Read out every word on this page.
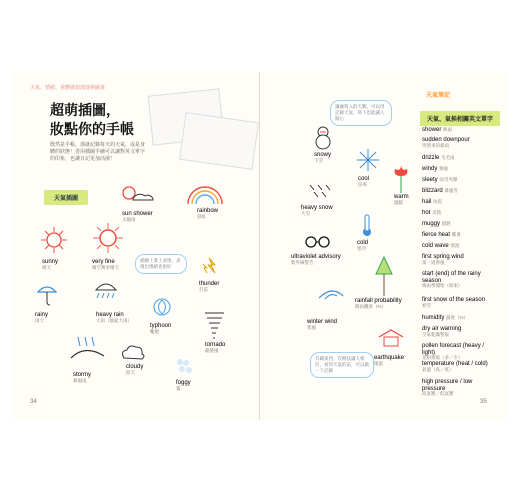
天氣、情緒、重體就似部落格圖畫
超萌插圖，
妝點你的手帳
既然是手帳，那就記錄每天的天氣，或是身體的狀態！善用插圖手繪可以讓對英文單字的印象，也讓日記更加活潑！
天氣插圖
sun shower
太陽雨
rainbow
彩虹
sunny
晴天
very fine
晴空萬里晴天
插圖上畫上表情，表現出情緒也很好
thunder
打雷
rainy
雨天
heavy rain
大雨（傾盆大雨）
typhoon
颱風
tornado
龍捲風
stormy
暴風雨
cloudy
陰天
foggy
霧
34
讓處寫入的天數，可以用記錄天氣，寫下也能讓人開心
天氣筆記
天氣、氣候相關英文單字
snowy
下雪
cool
涼爽
warm
溫暖
heavy snow
大雪
cold
寒冷
ultraviolet advisory
紫外線警告
rainfall probability
降雨機率（%）
winter wind
寒風
有關東西，沒辦法讓人相信，看到天氣的話，可以做一下記錄
earthquake
地震
shower 陣雨
sudden downpour
突然來的暴雨
drizzle 毛毛雨
windy 強風
sleety 雨雪夾雜
blizzard 暴風雪
hail 冰雹
hot 炎熱
muggy 悶熱
fierce heat 酷暑
cold wave 寒流
first spring wind
第一道春風
start (end) of the rainy season
梅雨季開始（結束）
first snow of the season
初雪
humidity 濕度（%）
dry air warning
空氣乾燥警報
pollen forecast (heavy / light)
花粉預報（多／少）
temperature (heat / cold)
氣溫（高／低）
high pressure / low pressure
高氣壓／低氣壓
35
